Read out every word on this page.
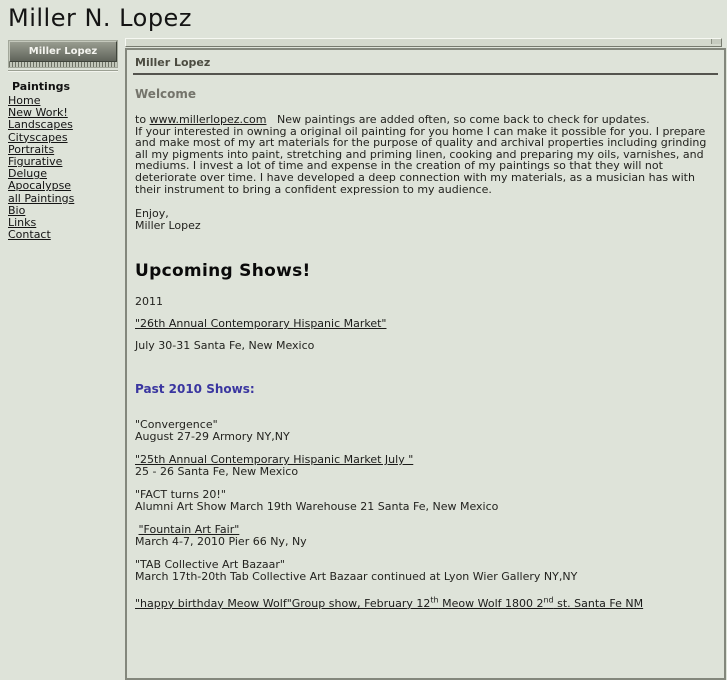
Miller N. Lopez
Miller Lopez
Paintings
Home
New Work!
Landscapes
Cityscapes
Portraits
Figurative
Deluge
Apocalypse
all Paintings
Bio
Links
Contact
Miller Lopez
Welcome
to www.millerlopez.com   New paintings are added often, so come back to check for updates.
If your interested in owning a original oil painting for you home I can make it possible for you. I prepare and make most of my art materials for the purpose of quality and archival properties including grinding all my pigments into paint, stretching and priming linen, cooking and preparing my oils, varnishes, and mediums. I invest a lot of time and expense in the creation of my paintings so that they will not deteriorate over time. I have developed a deep connection with my materials, as a musician has with their instrument to bring a confident expression to my audience.
Enjoy,
Miller Lopez
Upcoming Shows!
2011
"26th Annual Contemporary Hispanic Market"
July 30-31 Santa Fe, New Mexico
Past 2010 Shows:
"Convergence"
August 27-29 Armory NY,NY
"25th Annual Contemporary Hispanic Market July "
25 - 26 Santa Fe, New Mexico
"FACT turns 20!"
Alumni Art Show March 19th Warehouse 21 Santa Fe, New Mexico
"Fountain Art Fair"
March 4-7, 2010 Pier 66 Ny, Ny
"TAB Collective Art Bazaar"
March 17th-20th Tab Collective Art Bazaar continued at Lyon Wier Gallery NY,NY
"happy birthday Meow Wolf"Group show, February 12th Meow Wolf 1800 2nd st. Santa Fe NM
